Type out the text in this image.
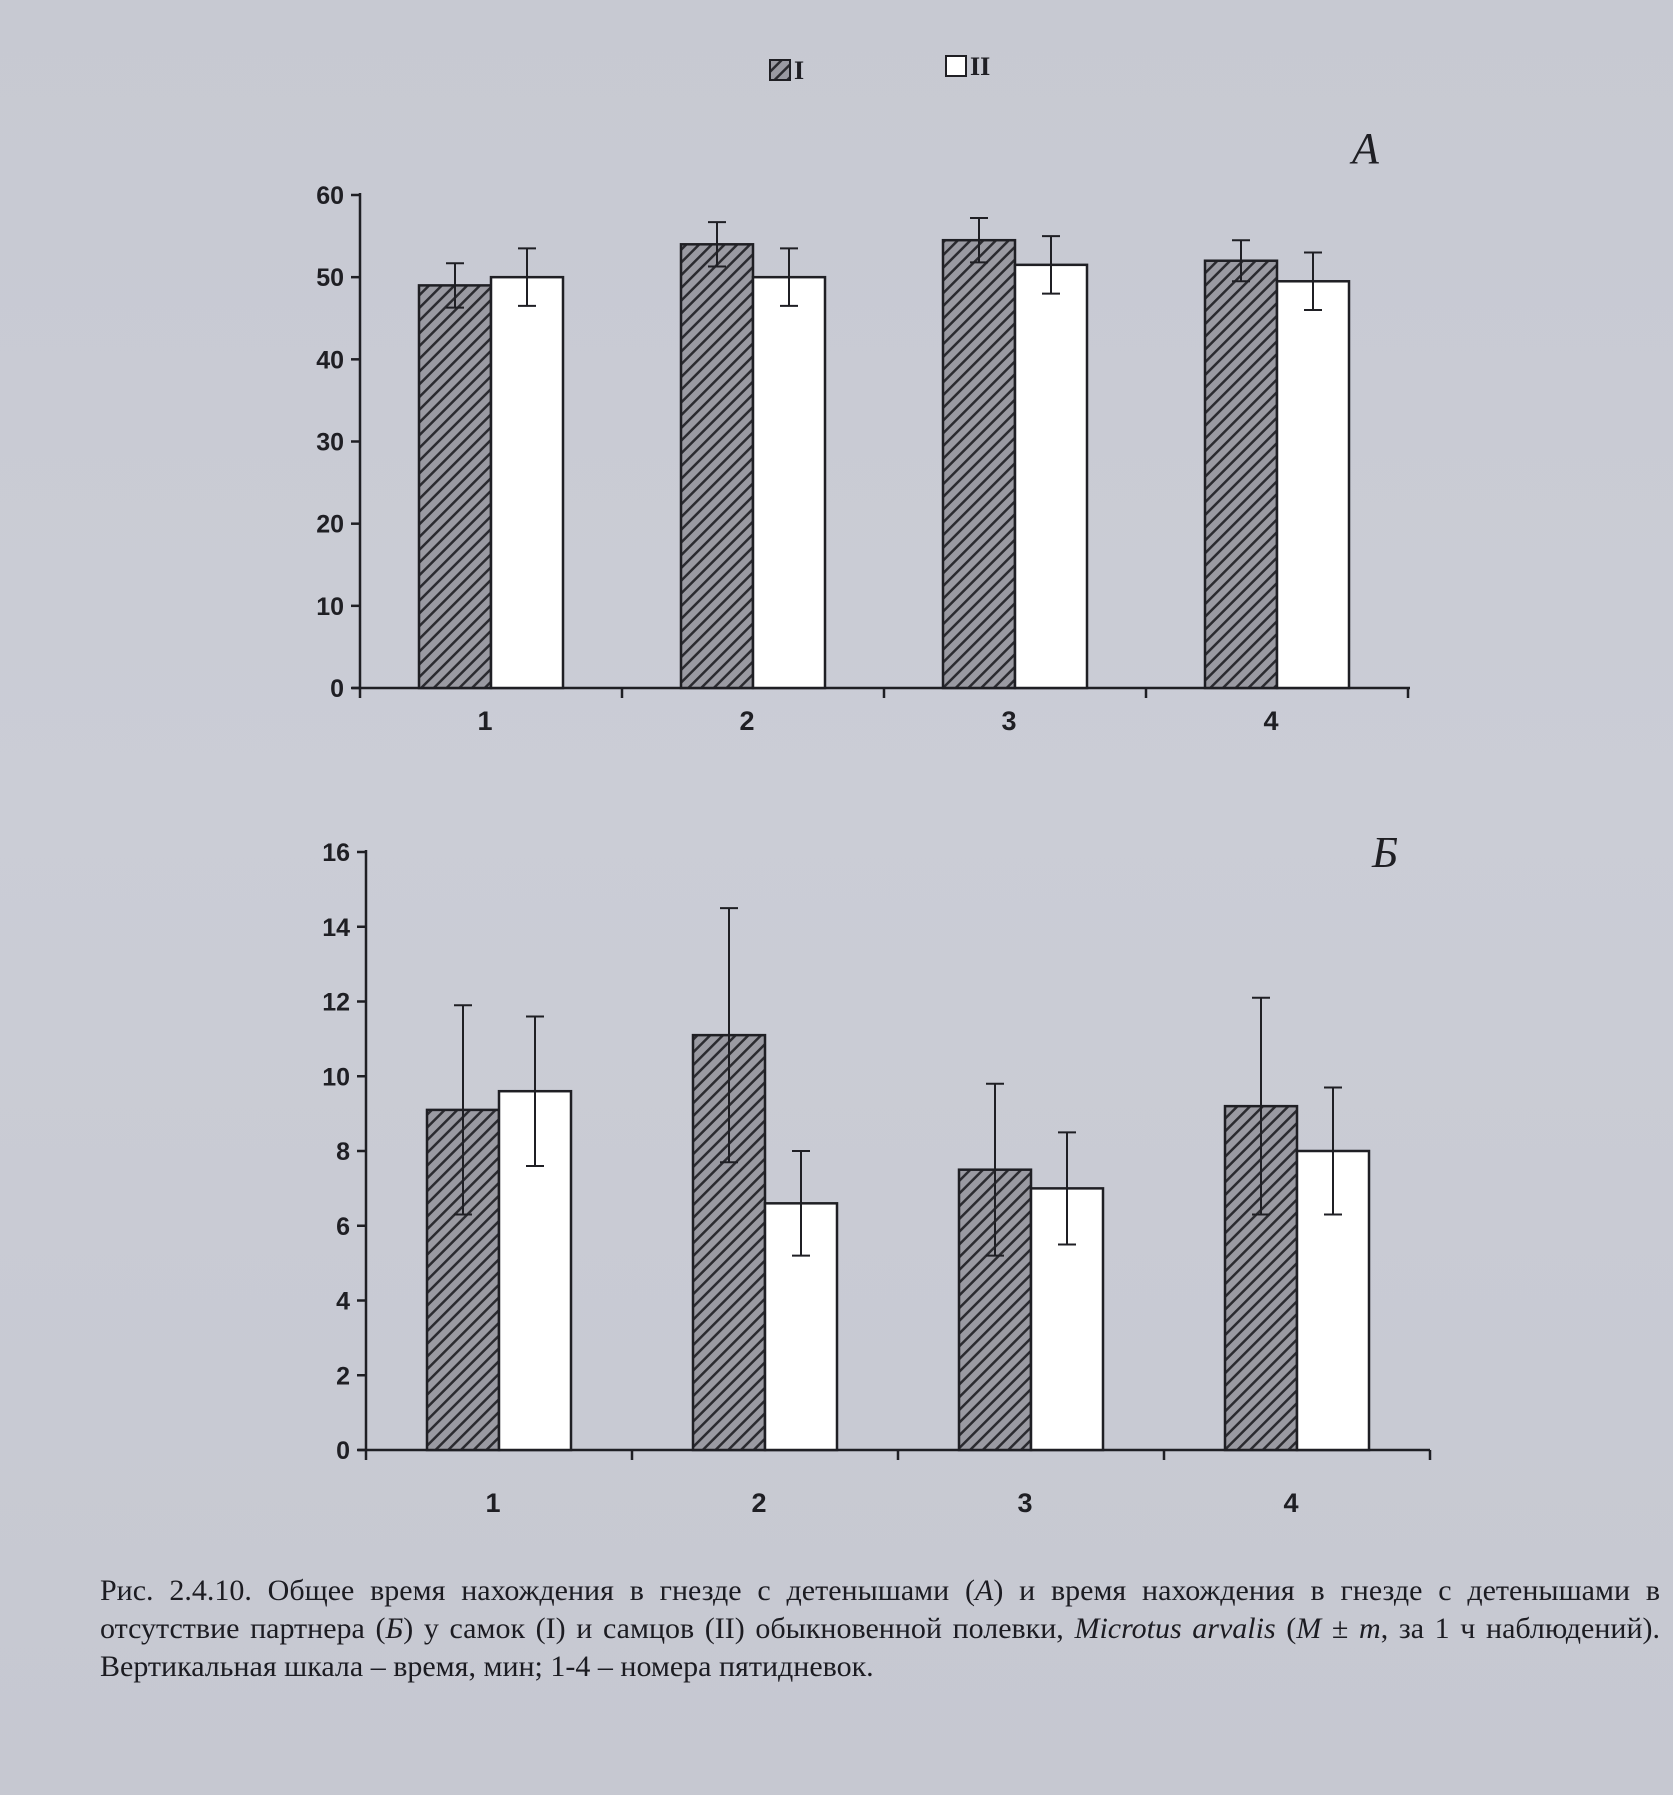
I	II
А
0
10
20
30
40
50
60
1	2	3	4
Б
0
2
4
6
8
10
12
14
16
1	2	3	4
Рис. 2.4.10. Общее время нахождения в гнезде с детенышами (А) и время нахождения в гнезде с детенышами в отсутствие партнера (Б) у самок (I) и самцов (II) обыкновенной полевки, Microtus arvalis (M ± m, за 1 ч наблюдений). Вертикальная шкала – время, мин; 1-4 – номера пятидневок.
